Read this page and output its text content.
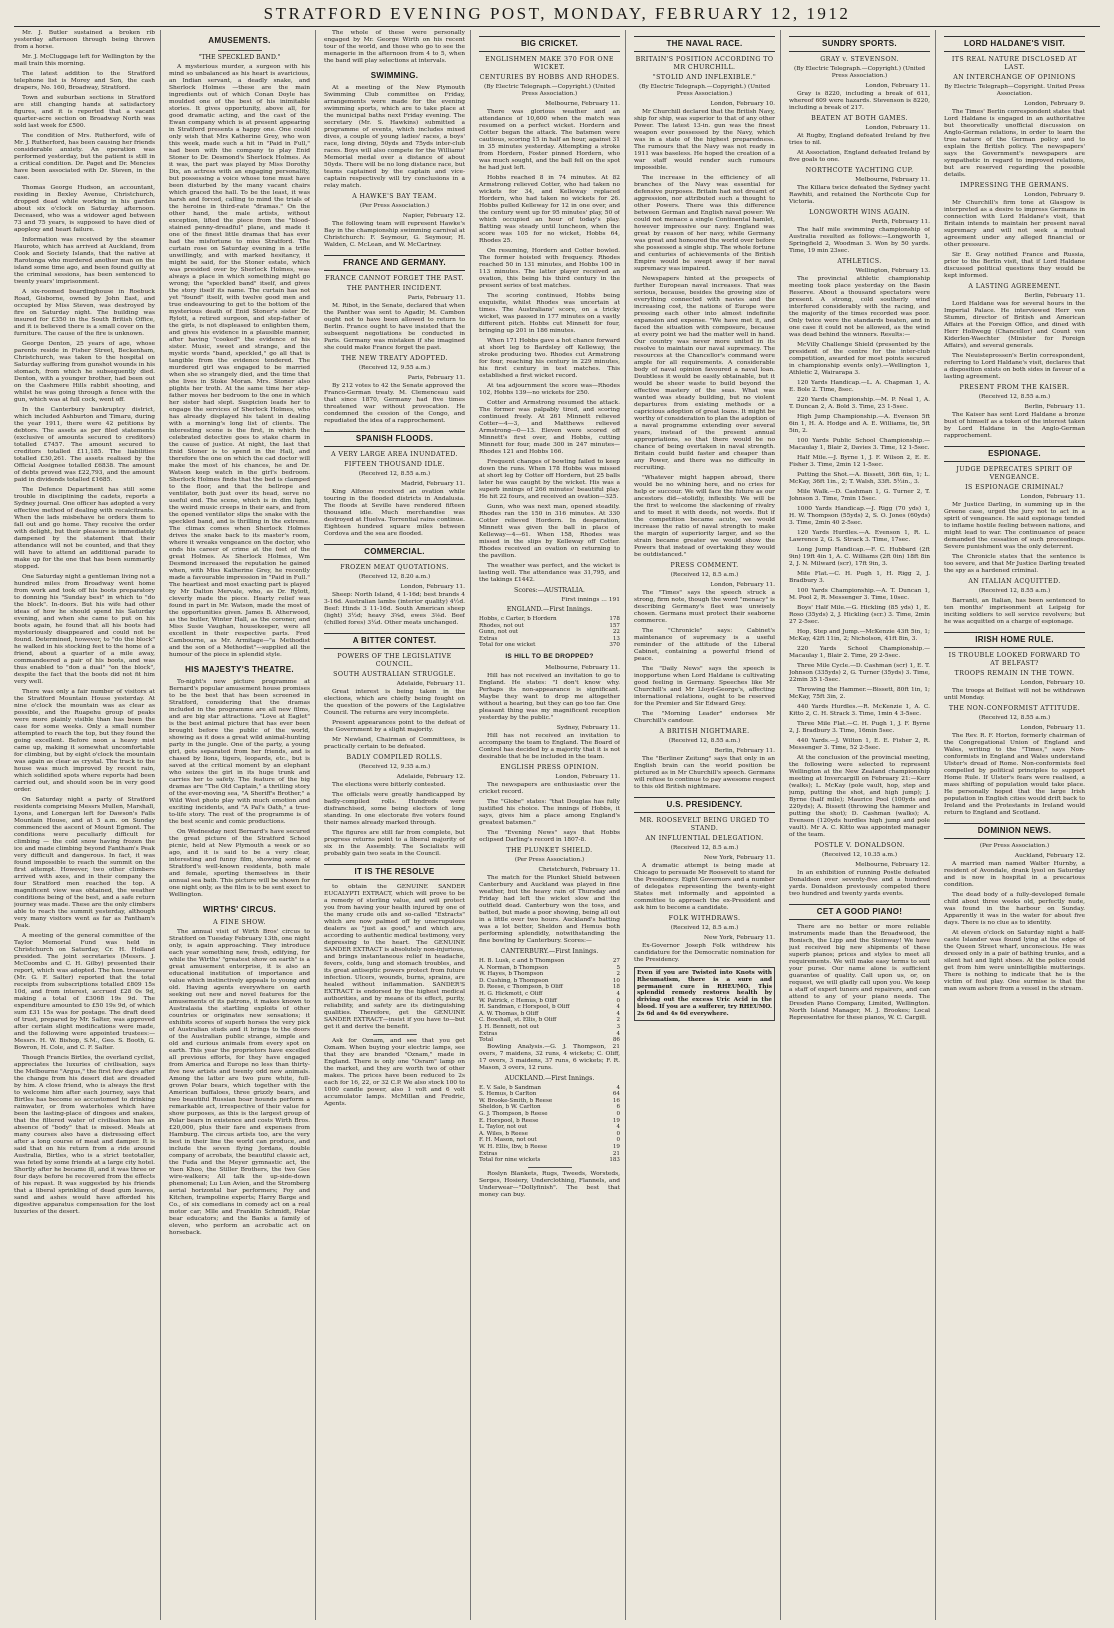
STRATFORD EVENING POST, MONDAY, FEBRUARY 12, 1912

Mr. J. Butler sustained a broken rib yesterday afternoon through being thrown from a horse.

Mr. J. McCluggage left for Wellington by the mail train this morning.

The latest addition to the Stratford telephone list is Morey and Son, the cash drapers, No. 160, Broadway, Stratford.

Town and suburban sections in Stratford are still changing hands at satisfactory figures, and it is reported that a vacant quarter-acre section on Broadway North was sold last week for £500.

The condition of Mrs. Rutherford, wife of Mr. J. Rutherford, has been causing her friends considerable anxiety. An operation was performed yesterday, but the patient is still in a critical condition. Dr. Paget and Dr. Mencies have been associated with Dr. Steven, in the case.

Thomas George Hudson, an accountant, residing in Bexley Avenue, Christchurch, dropped dead while working in his garden about six o'clock on Saturday afternoon. Deceased, who was a widower aged between 73 and 75 years, is supposed to have died of apoplexy and heart failure.

Information was received by the steamer Hauroto, which has arrived at Auckland, from Cook and Society Islands, that the native at Rarotonga who murdered another man on the island some time ago, and been found guilty at the criminal sessions, has been sentenced to twenty years' imprisonment.

A six-roomed boardinghouse in Roebuck Road, Gisborne, owned by John East, and occupied by Miss Steven, was destroyed by fire on Saturday night. The building was insured for £350 in the South British Office, and it is believed there is a small cover on the furniture. The cause of the fire is unknown.

George Denton, 25 years of age, whose parents reside in Fisher Street, Beckenham, Christchurch, was taken to the hospital on Saturday suffering from gunshot wounds in his stomach, from which he subsequently died. Denton, with a younger brother, had been out on the Cashmere Hills rabbit shooting, and whilst he was going through a fence with the gun, which was at full cock, went off.

In the Canterbury bankruptcy district, which included Ashburton and Timaru, during the year 1911, there were 42 petitions by debtors. The assets as per filed statements (exclusive of amounts secured to creditors) totalled £7457. The amount secured to creditors totalled £11,185. The liabilities totalled £30,261. The assets realised by the Official Assignee totalled £6838. The amount of debts proved was £22,793, and the amount paid in dividends totalled £1685.

The Defence Department has still some trouble in disciplining the cadets, reports a Sydney journal. One officer has adopted a very effective method of dealing with recalcitrants. When the lads misbehave he orders them to fall out and go home. They receive the order with delight, but their pleasure is immediately dampened by the statement that their attendance will not be counted, and that they will have to attend an additional parade to make up for the one that has been summarily stopped.

One Saturday night a gentleman living not a hundred miles from Broadway went home from work and took off his boots preparatory to donning his "Sunday best" in which to "do the block". In-doors. But his wife had other ideas of how he should spend his Saturday evening, and when she came to put on his boots again, he found that all his boots had mysteriously disappeared and could not be found. Determined, however, to "do the block" he walked in his stocking feet to the home of a friend, about a quarter of a mile away, commandeered a pair of his boots, and was thus enabled to "don a dual" "on the block", despite the fact that the boots did not fit him very well.

There was only a fair number of visitors at the Stratford Mountain House yesterday. At nine o'clock the mountain was as clear as possible, and the Ruapehu group of peaks were more plainly visible than has been the case for some weeks. Only a small number attempted to reach the top, but they found the going excellent. Before noon a heavy mist came up, making it somewhat uncomfortable for climbing, but by eight o'clock the mountain was again as clear as crystal. The track to the house was much improved by recent rain, which solidified spots where reports had been carried out, and should soon be in very good order.

On Saturday night a party of Stratford residents comprising Messrs Mullen, Marshall, Lyons, and Lonergan left for Dawson's Falls Mountain House, and at 5 a.m. on Sunday commenced the ascent of Mount Egmont. The conditions were peculiarly difficult for climbing — the cold snow having frozen the ice and made climbing beyond Fantham's Peak very difficult and dangerous. In fact, it was found impossible to reach the summit on the first attempt. However, two other climbers arrived with axes, and in their company the four Stratford men reached the top. A magnificent view was obtained, the weather conditions being of the best, and a safe return journey was made. These are the only climbers able to reach the summit yesterday, although very many visitors went as far as Fantham's Peak.

A meeting of the general committee of the Taylor Memorial Fund was held in Christchurch on Saturday, Cr. H. Holland presided. The joint secretaries (Messrs. J. McCoombs and C. H. Gilby) presented their report, which was adopted. The hon. treasurer (Mr. G. F. Salter) reported that the total receipts from subscriptions totalled £809 15s 10d, and from interest, accrued £28 0s 9d, making a total of £3068 19s 9d. The expenditure amounted to £50 19s 9d, of which sum £31 15s was for postage. The draft deed of trust, prepared by Mr. Salter, was approved after certain slight modifications were made, and the following were appointed trustees:—Messrs. H. W. Bishop, S.M., Geo. S. Booth, G. Bowron, H. Cole, and C. F. Salter.

Though Francis Birtles, the overland cyclist, appreciates the luxuries of civilisation, says the Melbourne "Argus," the first few days after the change from his desert diet are dreaded by him. A close friend, who is always the first to welcome him after each journey, says that Birtles has become so accustomed to drinking rainwater, or from waterholes which have been the lasting-place of dingoes and snakes, that the filtered water of civilisation has an absence of "body" that is missed. Meals at many courses also have a distressing effect after a long course of meat and damper. It is said that on his return from a ride around Australia, Birtles, who is a strict teetotaller, was feted by some friends at a large city hotel. Shortly after he became ill, and it was three or four days before he recovered from the effects of his repast. It was suggested by his friends that a liberal sprinkling of dead gum leaves, sand and ashes would have afforded his digestive apparatus compensation for the lost luxuries of the desert.

AMUSEMENTS.
"THE SPECKLED BAND."

A mysterious murder, a surgeon with his mind so unbalanced as his heart is avaricious, an Indian servant, a deadly snake, and Sherlock Holmes —these are the main ingredients out of which Conan Doyle has moulded one of the best of his inimitable stories. It gives opportunity, above all, for good dramatic acting, and the cast of the Ewan company which is at present appearing in Stratford presents a happy one. One could only wish that Mrs Katherine Grey, who won this week, made such a hit in "Paid in Full," had been with the company to play Enid Stoner to Dr. Desmond's Sherlock Holmes. As it was, the part was played by Miss Dorothy Dix, an actress with an engaging personality, but possessing a voice whose tone must have been disturbed by the many vacant chairs which graced the hall. To be the least, it was harsh and forced, calling to mind the trials of the heroine in third-rate "dramas." On the other hand, the male artists, without exception, lifted the piece from the "blood-stained penny-dreadful" plane, and made it one of the finest little dramas that has ever had the misfortune to miss Stratford. The curtain rose on Saturday evening in a trifle unwillingly, and with marked hesitancy, it might be said, for the Stoner estate, which was presided over by Sherlock Holmes, was always a place in which something might go wrong; the "speckled band" itself, and gives the story itself its name. The curtain has not yet "found" itself, with twelve good men and true endeavouring to get to the bottom of the mysterious death of Enid Stoner's sister Dr. Rylott, a retired surgeon, and step-father of the girls, is not displeased to enlighten them, and gives his evidence in a plausible manner, after having "cooked" the evidence of his sister. Music, sweet and strange, and the mystic words "band, speckled," go all that is tangible from the evidence tendered. The murdered girl was engaged to be married when she so strangely died, and the time that she lives in Stoke Moran. Mrs. Stoner also plights her troth. At the same time her step-father moves her bedroom to the one in which her sister had slept. Suspicion leads her to engage the services of Sherlock Holmes, who has already displayed his talent in dealing with a morning's long list of clients. The interesting scene is the first, in which the celebrated detective goes to stake charm in the cause of justice. At night, the last that Enid Stoner is to spend in the Hall, and therefore the one on which the cad doctor will make the most of his chances, he and Dr. Watson keep watch in the girl's bedroom. Sherlock Holmes finds that the bed is clamped to the floor, and that the bellrope and ventilator, both just over its head, serve no useful end. The scene, which is in dim light, the weird music creeps in their ears, and from the opened ventilator slips the snake with the speckled band, and is thrilling in the extreme. The climax comes when Sherlock Holmes drives the snake back to its master's room, where it wreaks vengeance on the doctor, who ends his career of crime at the feet of the great Holmes. As Sherlock Holmes, Wm Desmond increased the reputation he gained when, with Miss Katherine Grey, he recently made a favourable impression in "Paid in Full." The heartiest and most exacting part is played by Mr Dalton Mervale, who, as Dr. Rylott, cleverly made the piece. Hearty relief was found in part in Mr. Watson, made the most of the opportunities given. James B. Atherwood, as the butler, Winter Hall, as the coroner, and Miss Susie Vaughan, housekeeper, were all excellent in their respective parts. Fred Cambourne, as Mr. Armitage—"a Methodist and the son of a Methodist"—supplied all the humour of the piece in splendid style.

HIS MAJESTY'S THEATRE.

To-night's new picture programme at Bernard's popular amusement house promises to be the best that has been screened in Stratford, considering that the dramas included in the programme are all new films, and are big star attractions. "Love at Eaglet" is the best animal picture that has ever been brought before the public of the world, showing as it does a great wild animal-hunting party in the jungle. One of the party, a young girl, gets separated from her friends, and is chased by lions, tigers, leopards, etc., but is saved at the critical moment by an elephant who seizes the girl in its huge trunk and carries her to safety. The feature of the big dramas are "The Old Captain," a thrilling story of the ever-moving sea, "A Sheriff's Brother," a Wild West photo play with much emotion and exciting incidents, and "A Pal's Oath," a true-to-life story. The rest of the programme is of the best scenic and comic productions.

On Wednesday next Bernard's have secured the great picture of the Stratford School picnic, held at New Plymouth a week or so ago, and it is said to be a very clear, interesting and funny film, showing some of Stratford's well-known residents, both male and female, sporting themselves in their annual sea bath. This picture will be shown for one night only, as the film is to be sent exect to Wellington.

WIRTHS' CIRCUS.
A FINE SHOW.

The annual visit of Wirth Bros' circus to Stratford on Tuesday February 13th, one night only, is again approaching. They introduce each year something new, fresh, edifying, for while the Wirths' "greatest show on earth" is a great amusement enterprise, it is also an educational institution of importance and value which instinctively appeals to young and old. Having agents everywhere on earth seeking out new and novel features for the amusements of its patrons, it makes known to Australasia the startling exploits of other countries or originates new sensations; it exhibits scores of superb horses the very pick of Australian studs and it brings to the doors of the Australian public strange, simple and old and curious animals from every spot on earth. This year the proprietors have excelled all previous efforts, for they have engaged from America and Europe no less than thirty-five new artists and twenty odd new animals. Among the latter are two pure white, full-grown Polar bears, which together with the American buffaloes, three grizzly bears, and two beautiful Russian boar hounds perform a remarkable act, irrespective of their value for show purposes, as this is the largest group of Polar bears in existence and costs Wirth Bros. £20,000, plus their fare and expenses from Hamburg. The circus artists too, are the very best in their line the world can produce, and include the seven flying Jordans, double company of acrobats, the beautiful classic act, the Fuda and the Meyer gymnastic act, the Yuen Khoo, the Stiller Brothers, the two Gee wire-walkers; All talk the up-side-down phenomenal; Lu Lun Avien, and the Stromberg aerial horizontal bar performers; Foy and Kitchen, trampoline experts; Harry Barge and Co., of six comedians in comedy act on a real motor car; Mlle and Franklin Schmidt, Polar bear educators; and the Banks a family of eleven, who perform an acrobatic act on horseback.

The whole of these were personally engaged by Mr. George Wirth on his recent tour of the world, and those who go to see the menagerie in the afternoon from 4 to 5, when the band will play selections at intervals.

SWIMMING.

At a meeting of the New Plymouth Swimming Club committee on Friday, arrangements were made for the evening swimming sports, which are to take place at the municipal baths next Friday evening. The secretary (Mr. S. Hawkins) submitted a programme of events, which includes mixed dives, a couple of young ladies' races, a boys' race, long diving, 50yds and 75yds inter-club races. Boys will also compete for the Williams' Memorial medal over a distance of about 50yds. There will be no long distance race, but teams captained by the captain and vice-captain respectively will try conclusions in a relay match.

A HAWKE'S BAY TEAM.
(Per Press Association.)
Napier, February 12.

The following team will represent Hawke's Bay in the championship swimming carnival at Christchurch: F. Seymour, G. Seymour, H. Walden, C. McLean, and W. McCartney.

FRANCE AND GERMANY.
FRANCE CANNOT FORGET THE PAST.
THE PANTHER INCIDENT.
Paris, February 11.

M. Ribot, in the Senate, declared that when the Panther was sent to Agadir, M. Cambon ought not to have been allowed to return to Berlin. France ought to have insisted that the subsequent negotiations be conducted in Paris. Germany was mistaken if she imagined she could make France forget the past.

THE NEW TREATY ADOPTED.
(Received 12, 9.55 a.m.)
Paris, February 11.

By 212 votes to 42 the Senate approved the Franco-German treaty. M. Clemenceau said that since 1870, Germany had five times threatened war without provocation. He condemned the cession of the Congo, and repudiated the idea of a rapprochement.

SPANISH FLOODS.
A VERY LARGE AREA INUNDATED.
FIFTEEN THOUSAND IDLE.
(Received 12, 8.55 a.m.)
Madrid, February 11.

King Alfonso received an ovation while touring in the flooded districts in Andalusia. The floods at Seville have rendered fifteen thousand idle. Much merchandise was destroyed at Huelva. Torrential rains continue. Eighteen hundred square miles between Cordova and the sea are flooded.

COMMERCIAL.
FROZEN MEAT QUOTATIONS.
(Received 12, 8.20 a.m.)
London, February 11.

Sheep: North Island, 4 1-16d; best brands 4 3-16d. Australian lambs (interior quality) 4½d. Beef: Hinds 3 11-16d. South American sheep (light) 3½d; heavy 3⅝d, ewes 3⅛d. Beef (chilled fores) 3¼d. Other meats unchanged.

A BITTER CONTEST.
POWERS OF THE LEGISLATIVE COUNCIL.
SOUTH AUSTRALIAN STRUGGLE.
Adelaide, February 11.

Great interest is being taken in the elections, which are chiefly being fought on the question of the powers of the Legislative Council. The returns are very incomplete.

Present appearances point to the defeat of the Government by a slight majority.

Mr Newland, Chairman of Committees, is practically certain to be defeated.

BADLY COMPILED ROLLS.
(Received 12, 9.35 a.m.)
Adelaide, February 12.

The elections were bitterly contested.

The officials were greatly handicapped by badly-compiled rolls. Hundreds were disfranchised, some being electors of long standing. In one electorate five voters found their names already marked through.

The figures are still far from complete, but progress returns point to a liberal majority of six in the Assembly. The Socialists will probably gain two seats in the Council.

IT IS THE RESOLVE

to obtain the GENUINE SANDER EUCALYPTI EXTRACT, which will prove to be a remedy of sterling value, and will protect you from having your health injured by one of the many crude oils and so-called "Extracts" which are now palmed off by unscrupulous dealers as "just as good," and which are, according to authentic medical testimony, very depressing to the heart. The GENUINE SANDER EXTRACT is absolutely non-injurious, and brings instantaneous relief in headache, fevers, colds, lung and stomach troubles, and its great antiseptic powers protect from future infection. Ulcers, wounds, burns, sprains, are healed without inflammation. SANDER'S EXTRACT is endorsed by the highest medical authorities, and by means of its effect, purity, reliability, and safety are its distinguishing qualities. Therefore, get the GENUINE SANDER EXTRACT—insist if you have to—but get it and derive the benefit.

Ask for Oznam, and see that you get Oznam. When buying your electric lamps, see that they are branded "Oznam," made in England. There is only one "Osram" lamp on the market, and they are worth two of other makes. The prices have been reduced to 2s each for 16, 22, or 32 C.P. We also stock 100 to 1000 candle power, also 1 volt and 6 volt accumulator lamps. McMillan and Fredric, Agents.

BIG CRICKET.
ENGLISHMEN MAKE 370 FOR ONE WICKET.
CENTURIES BY HOBBS AND RHODES.
(By Electric Telegraph.—Copyright.) (United Press Association.)
Melbourne, February 11.

There was glorious weather and an attendance of 10,600 when the match was resumed on a perfect wicket. Hordern and Cotter began the attack. The batsmen were cautious, scoring 15 in half an hour, against 31 in 35 minutes yesterday. Attempting a stroke from Hordern, Foster pinned Hordern, who was much sought, and the ball fell on the spot he had just left.

Hobbs reached 8 in 74 minutes. At 82 Armstrong relieved Cotter, who had taken no wickets for 34, and Kelleway replaced Hordern, who had taken no wickets for 26. Hobbs pulled Kelleway for 12 in one over, and the century went up for 95 minutes' play, 50 of which occupied an hour of today's play. Batting was steady until luncheon, when the score was 105 for no wicket, Hobbs 64, Rhodes 25.

On resuming, Hordern and Cotter bowled. The former hoisted with frequency. Rhodes reached 50 in 131 minutes, and Hobbs 100 in 113 minutes. The latter player received an ovation, this being his third century in the present series of test matches.

The scoring continued, Hobbs being exquisite, whilst Rhodes was uncertain at times. The Australians' score, on a tricky wicket, was passed in 177 minutes on a vastly different pitch. Hobbs cut Minnett for four, bringing up 201 in 186 minutes.

When 171 Hobbs gave a hot chance forward at short leg to Bardsley off Kelleway, the stroke producing two. Rhodes cut Armstrong for four, reaching his century in 229 minutes, his first century in test matches. This established a first wicket record.

At tea adjournment the score was—Rhodes 102, Hobbs 139—no wickets for 250.

Cotter and Armstrong resumed the attack. The former was palpably tired, and scoring continued freely. At 261 Minnett relieved Cotter—4—3, and Matthews relieved Armstrong—0—13. Eleven were scored off Minnett's first over, and Hobbs, cutting Minnett for four, made 300 in 247 minutes—Rhodes 121 and Hobbs 166.

Frequent changes of bowling failed to keep down the runs. When 178 Hobbs was missed at short leg by Cotter off Hordern, but 25 balls later he was caught by the wicket. His was a superb innings of 266 minutes' beautiful play. He hit 22 fours, and received an ovation—325.

Gunn, who was next man, opened steadily. Rhodes ran the 150 in 316 minutes. At 330 Cotter relieved Hordern. In desperation, Minnett was given the ball in place of Kelleway—4—61. When 158, Rhodes was missed in the slips by Kelleway off Cotter. Rhodes received an ovation on returning to the pavilion.

The weather was perfect, and the wicket is lasting well. The attendance was 31,795, and the takings £1442.

Scores:—AUSTRALIA.
First innings ... 191
ENGLAND.—First Innings.
Hobbs, c Carter, b Hordern	178
Rhodes, not out	157
Gunn, not out	22
Extras	13
Total for one wicket	370
IS HILL TO BE DROPPED?
Melbourne, February 11.

Hill has not received an invitation to go to England. He states: "I don't know why. Perhaps its non-appearance is significant. Maybe they want to drop me altogether without a hearing, but they can go too far. One pleasant thing was my magnificent reception yesterday by the public."

Sydney, February 11.

Hill has not received an invitation to accompany the team to England. The Board of Control has decided by a majority that it is not desirable that he be included in the team.

ENGLISH PRESS OPINION.
London, February 11.

The newspapers are enthusiastic over the cricket record.

The "Globe" states: "that Douglas has fully justified his choice. The innings of Hobbs, it says, gives him a place among England's greatest batsmen."

The "Evening News" says that Hobbs eclipsed Darling's record in 1807-8.

THE PLUNKET SHIELD.
(Per Press Association.)
Christchurch, February 11.

The match for the Plunket Shield between Canterbury and Auckland was played in fine weather, but the heavy rain of Thursday and Friday had left the wicket slow and the outfield dead. Canterbury won the toss, and batted, but made a poor showing, being all out in a little over two hours. Auckland's batting was a lot better, Sheldon and Hemus both performing splendidly, notwithstanding the fine bowling by Canterbury. Scores:—

CANTERBURY.—First Innings.
H. B. Lusk, c and b Thompson	27
A. Norman, b Thompson	5
W. Hayes, b Thompson	2
D. Cushing, b Thompson	10
D. Reese, c Thompson, b Oliff	18
H. G. Hickmott, c Oliff	4
W. Patrick, c Hemus, b Oliff	0
H. Sandman, c Horspool, b Oliff	4
A. W. Thomas, b Oliff	4
C. Boxshall, st. Ellis, b Oliff	2
J. H. Bennett, not out	3
Extras	4
Total	86

Bowling Analysis.—G. J. Thompson, 21 overs, 7 maidens, 32 runs, 4 wickets; C. Oliff, 17 overs, 3 maidens, 37 runs, 6 wickets; F. R. Mason, 3 overs, 12 runs.

AUCKLAND.—First Innings.
E. V. Sale, b Sandman	4
S. Hemus, b Carlton	64
W. Brooke-Smith, b Reese	16
Sheldon, b W. Carlton	6
G. J. Thompson, b Reese	0
E. Horspool, b Reese	19
L. Taylor, not out	4
A. Wiles, b Reese	0
F. H. Mason, not out	0
W. H. Ellis, lbw, b Reese	19
Extras	21
Total for nine wickets	183

Roslyn Blankets, Rugs, Tweeds, Worsteds, Serges, Hosiery, Underclothing, Flannels, and Underwear—"Dollyfinish". The best that money can buy.

THE NAVAL RACE.
BRITAIN'S POSITION ACCORDING TO MR CHURCHILL.
"STOLID AND INFLEXIBLE."
(By Electric Telegraph.—Copyright.) (United Press Association.)
London, February 10.

Mr Churchill declared that the British Navy, ship for ship, was superior to that of any other Power. The latest 13-in. gun was the finest weapon ever possessed by the Navy, which was in a state of the highest preparedness. The rumours that the Navy was not ready in 1911 was baseless. He hoped the creation of a war staff would render such rumours impossible.

The increase in the efficiency of all branches of the Navy was essential for defensive purposes. Britain had not dreamt of aggression, nor attributed such a thought to other Powers. There was this difference between German and English naval power: We could not menace a single Continental hamlet, however impressive our navy. England was great by reason of her navy, while Germany was great and honoured the world over before she possessed a single ship. The whole fortune and centuries of achievements of the British Empire would be swept away if her naval supremacy was impaired.

Newspapers hinted at the prospects of further European naval increases. That was serious, because, besides the growing size of everything connected with navies and the increasing cost, the nations of Europe were pressing each other into almost indefinite expansion and expense. "We have met it, and faced the situation with composure, because at every point we had the matter well in hand. Our country was never more united in its resolve to maintain our naval supremacy. The resources at the Chancellor's command were ample for all requirements. A considerable body of naval opinion favoured a naval loan. Doubtless it would be easily obtainable, but it would be sheer waste to build beyond the effective mastery of the seas. What was wanted was steady building, but no violent departures from existing methods or a capricious adoption of great loans. It might be worthy of consideration to plan the adoption of a naval programme extending over several years, instead of the present annual appropriations, so that there would be no chance of being overtaken in naval strength. Britain could build faster and cheaper than any Power, and there was no difficulty in recruiting.

"Whatever might happen abroad, there would be no whining here, and no cries for help or succour. We will face the future as our ancestors did—stolidly, inflexibly. We will be the first to welcome the slackening of rivalry and to meet it with deeds, not words. But if the competition became acute, we would increase the ratio of naval strength to make the margin of superiority larger, and so the strain became greater we would show the Powers that instead of overtaking they would be outdistanced."

PRESS COMMENT.
(Received 12, 8.5 a.m.)
London, February 11.

The "Times" says the speech struck a strong, firm note, though the word "menacy" is describing Germany's fleet was unwisely chosen. Germans must protect their seaborne commerce.

The "Chronicle" says: Cabinet's maintenance of supremacy is a useful reminder of the attitude of the Liberal Cabinet, containing a powerful friend of peace.

The "Daily News" says the speech is inopportune when Lord Haldane is cultivating good feeling in Germany. Speeches like Mr Churchill's and Mr Lloyd-George's, affecting international relations, ought to be reserved for the Premier and Sir Edward Grey.

The "Morning Leader" endorses Mr Churchill's candour.

A BRITISH NIGHTMARE.
(Received 12, 8.55 a.m.)
Berlin, February 11.

The "Berliner Zeitung" says that only in an English brain can the world position be pictured as in Mr Churchill's speech. Germans will refuse to continue to pay awesome respect to this old British nightmare.

U.S. PRESIDENCY.
MR. ROOSEVELT BEING URGED TO STAND.
AN INFLUENTIAL DELEGATION.
(Received 12, 8.5 a.m.)
New York, February 11.

A dramatic attempt is being made at Chicago to persuade Mr Roosevelt to stand for the Presidency. Eight Governors and a number of delegates representing the twenty-eight States met informally and appointed a committee to approach the ex-President and ask him to become a candidate.

FOLK WITHDRAWS.
(Received 12, 8.5 a.m.)
New York, February 11.

Ex-Governor Joseph Folk withdrew his candidature for the Democratic nomination for the Presidency.

Even if you are Twisted into Knots with Rheumatism, there is a sure and permanent cure in RHEUMO. This splendid remedy restores health by driving out the excess Uric Acid in the blood. If you are a sufferer, try RHEUMO. 2s 6d and 4s 6d everywhere.
SUNDRY SPORTS.
GRAY v. STEVENSON.
(By Electric Telegraph.—Copyright.) (United Press Association.)
London, February 11.

Gray is 8220, including a break of 611, whereof 609 were hazards. Stevenson is 8220, including a break of 217.

BEATEN AT BOTH GAMES.
London, February 11.

At Rugby, England defeated Ireland by five tries to nil.

At Association, England defeated Ireland by five goals to one.

NORTHCOTE YACHTING CUP.
Melbourne, February 11.

The Killara twice defeated the Sydney yacht Rawhiti, and retained the Northcote Cup for Victoria.

LONGWORTH WINS AGAIN.
Perth, February 11.

The half mile swimming championship of Australia resulted as follows:—Longworth 1, Springfield 2, Woodman 3. Won by 50 yards. Time, 19 min 23sec.

ATHLETICS.
Wellington, February 13.

The provincial athletic championship meeting took place yesterday on the Basin Reserve. About a thousand spectators were present. A strong, cold southerly wind interfered considerably with the racing, and the majority of the times recorded was poor. Only twice were the standards beaten, and in one case it could not be allowed, as the wind was dead behind the winners. Results:—

McVilly Challenge Shield (presented by the president of the centre for the inter-club competition, awarded for most points secured in championship events only).—Wellington 1, Athletic 2, Wairarapa 3.

120 Yards Handicap.—L. A. Chapman 1, A. E. Bole 2. Time, 8sec.

220 Yards Championship.—M. P. Neal 1, A. T. Duncan 2, A. Bold 3. Time, 23 1-5sec.

High Jump Championship.—A. Evenson 5ft 6in 1, H. A. Hodge and A. E. Williams, tie, 5ft 5in, 2.

100 Yards Public School Championship.—Macaulay 1, Blair 2, Davies 3. Time, 12 1-5sec.

Half Mile.—J. Byrne 1, J. F. Wilson 2, E. E. Fisher 3. Time, 2min 12 1-5sec.

Putting the Shot.—A. Bissett, 36ft 6in, 1; L. McKay, 36ft 1in., 2; T. Walsh, 33ft. 5½in., 3.

Mile Walk.—D. Cashman 1, G. Turner 2, T. Johnson 3. Time, 7min 15sec.

1000 Yards Handicap.—J. Rigg (70 yds) 1, H. W. Thompson (55yds) 2, S. O. Jones (60yds) 3. Time, 2min 40 2-5sec.

120 Yards Hurdles.—A. Evenson 1, R. L. Lawrence 2, G. S. Strack 3. Time, 17sec.

Long Jump Handicap.—F. C. Hubbard (2ft 9in) 19ft 4in 1, A. C. Williams (2ft 0in) 18ft 8in 2, J. N. Milward (scr), 17ft 9in, 3.

Mile Flat.—C. H. Pugh 1, H. Rigg 2, J. Bradbury 3.

100 Yards Championship.—A. T. Duncan 1, M. Pool 2, R. Messenger 3. Time, 10sec.

Boys' Half Mile.—G. Hickling (85 yds) 1, E. Roso (35yds) 2, J. Hickling (scr.) 3. Time, 2min 27 2-5sec.

Hop, Step and Jump.—McKenzie 43ft 5in, 1; McKay, 42ft 11in, 2; Nicholson, 41ft 8in, 3.

220 Yards School Championship.—Macaulay 1, Blair 2. Time, 29 2-5sec.

Three Mile Cycle.—D. Cashman (scr) 1, E. T. Johnson (335yds) 2, G. Turner (35yds) 3. Time, 22min 35 1-5sec.

Throwing the Hammer.—Bissett, 80ft 1in, 1; McKay, 75ft 3in, 2.

440 Yards Hurdles.—R. McKenzie 1, A. C. Kitto 2, C. H. Strack 3. Time, 1min 4 3-5sec.

Three Mile Flat.—C. H. Pugh 1, J. F. Byrne 2, J. Bradbury 3. Time, 16min 5sec.

440 Yards.—J. Wilton 1, E. E. Fisher 2, R. Messenger 3. Time, 52 2-5sec.

At the conclusion of the provincial meeting, the following were selected to represent Wellington at the New Zealand championship meeting at Invercargill on February 21:—Kerr (walks); L. McKay (pole vault, hop, step and jump, putting the shot, and high jump); J. Byrne (half mile); Maurice Pool (100yds and 220yds); A. Bissett (throwing the hammer and putting the shot); D. Cashman (walks); A. Evenson (120yds hurdles high jump and pole vault). Mr A. C. Kitto was appointed manager of the team.

POSTLE V. DONALDSON.
(Received 12, 10.35 a.m.)
Melbourne, February 12.

In an exhibition of running Postle defeated Donaldson over seventy-five and a hundred yards. Donaldson previously competed there two hundred and twenty yards events.

CET A GOOD PIANO!

There are no better or more reliable instruments made than the Broadwood, the Ronisch, the Lipp and the Steinway! We have just received big new shipments of these superb pianos; prices and styles to meet all requirements. We will make easy terms to suit your purse. Our name alone is sufficient guarantee of quality. Call upon us, or, on request, we will gladly call upon you. We keep a staff of expert tuners and repairers, and can attend to any of your piano needs. The Dresden Piano Company, Limited, Wellington. North Island Manager, M. J. Brookes; Local Representative for these pianos, W. C. Cargill.

LORD HALDANE'S VISIT.
ITS REAL NATURE DISCLOSED AT LAST.
AN INTERCHANGE OF OPINIONS
By Electric Telegraph—Copyright. United Press Association.
London, February 9.

The Times' Berlin correspondent states that Lord Haldane is engaged in an authoritative but theoretically unofficial discussion on Anglo-German relations, in order to learn the true nature of the German policy and to explain the British policy. The newspapers' says the Government's newspapers are sympathetic in regard to improved relations, but are reserved regarding the possible details.

IMPRESSING THE GERMANS.
London, February 9.

Mr Churchill's firm tone at Glasgow is interpreted as a desire to impress Germans in connection with Lord Haldane's visit, that Britain intends to maintain her present naval supremacy and will not seek a mutual agreement under any alleged financial or other pressure.

Sir E. Gray notified France and Russia, prior to the Berlin visit, that if Lord Haldane discussed political questions they would be kept informed.

A LASTING AGREEMENT.
Berlin, February 11.

Lord Haldane was for several hours in the Imperial Palace. He interviewed Herr von Stumm, director of British and American Affairs at the Foreign Office, and dined with Herr Hollwegg (Chancellor) and Count von Kiderlen-Waechter (Minister for Foreign Affairs), and several generals.

The Neuisteprossen's Berlin correspondent, referring to Lord Haldane's visit, declares that a disposition exists on both sides in favour of a lasting agreement.

PRESENT FROM THE KAISER.
(Received 12, 8.55 a.m.)
Berlin, February 11.

The Kaiser has sent Lord Haldane a bronze bust of himself as a token of the interest taken by Lord Haldane in the Anglo-German rapprochement.

ESPIONAGE.
JUDGE DEPRECATES SPIRIT OF VENGEANCE.
IS ESPIONAGE CRIMINAL?
London, February 11.

Mr Justice Darling, in summing up in the Greene case, urged the jury not to act in a spirit of vengeance. He said espionage tended to inflame hostile feeling between nations, and might lead to war. The continuance of peace demanded the cessation of such proceedings. Severe punishment was the only deterrent.

The Chronicle states that the sentence is too severe, and that Mr Justice Darling treated the spy as a hardened criminal.

AN ITALIAN ACQUITTED.
(Received 12, 8.55 a.m.)

Barranti, an Italian, has been sentenced to ten months' imprisonment at Leipsig for inciting soldiers to sell service revolvers; but he was acquitted on a charge of espionage.

IRISH HOME RULE.
IS TROUBLE LOOKED FORWARD TO AT BELFAST?
TROOPS REMAIN IN THE TOWN.
London, February 10.

The troops at Belfast will not be withdrawn until Monday.

THE NON-CONFORMIST ATTITUDE.
(Received 12, 8.55 a.m.)
London, February 11.

The Rev. R. F. Horton, formerly chairman of the Congregational Union of England and Wales, writing to the "Times," says Non-conformists in England and Wales understand Ulster's dread of Rome. Non-conformists feel compelled by political principles to support Home Rule. If Ulster's fears were realised, a mass shifting of population would take place. He personally hoped that the large Irish population in English cities would drift back to Ireland and the Protestants in Ireland would return to England and Scotland.

DOMINION NEWS.
(Per Press Association.)
Auckland, February 12.

A married man named Walter Hurnby, a resident of Avondale, drank lysol on Saturday and is now in hospital in a precarious condition.

The dead body of a fully-developed female child about three weeks old, perfectly nude, was found in the harbour on Sunday. Apparently it was in the water for about five days. There is no clue as to identity.

At eleven o'clock on Saturday night a half-caste Islander was found lying at the edge of the Queen Street wharf, unconscious. He was dressed only in a pair of bathing trunks, and a silent hat and light shoes. At the police could get from him were unintelligible mutterings. There is nothing to indicate that he is the victim of foul play. One surmise is that the man swam ashore from a vessel in the stream.
